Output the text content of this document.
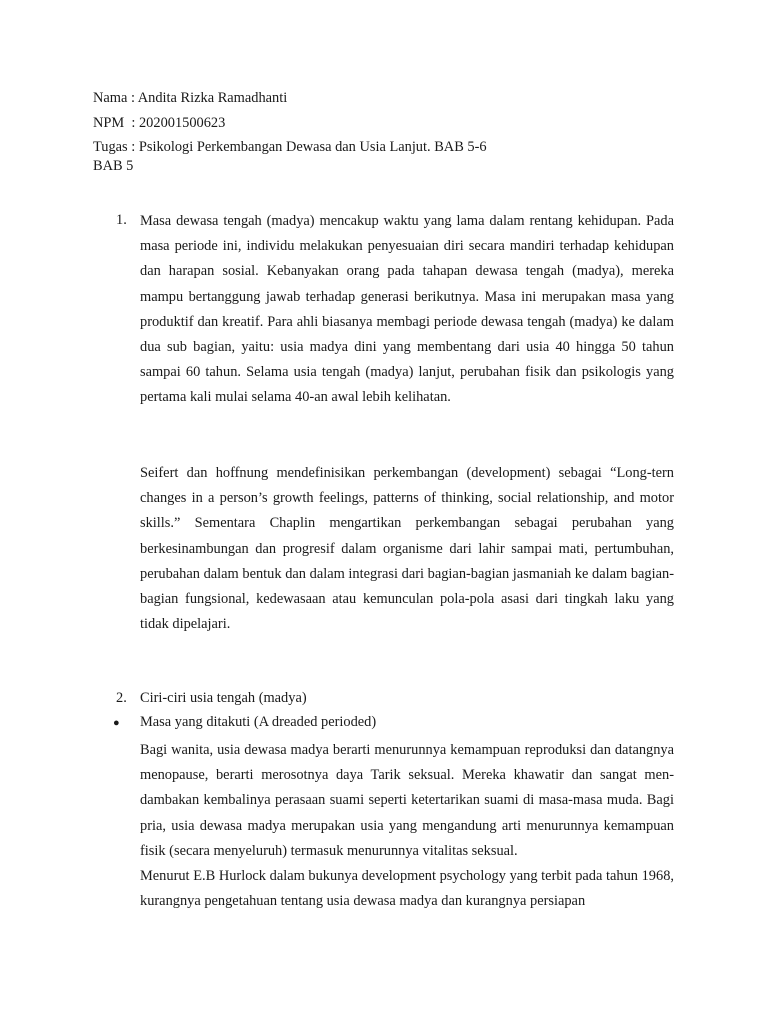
Nama : Andita Rizka Ramadhanti
NPM  : 202001500623
Tugas : Psikologi Perkembangan Dewasa dan Usia Lanjut. BAB 5-6
BAB 5
1. Masa dewasa tengah (madya) mencakup waktu yang lama dalam rentang kehidupan. Pada masa periode ini, individu melakukan penyesuaian diri secara mandiri terhadap kehidupan dan harapan sosial. Kebanyakan orang pada tahapan dewasa tengah (madya), mereka mampu bertanggung jawab terhadap generasi berikutnya. Masa ini merupakan masa yang produktif dan kreatif. Para ahli biasanya membagi periode dewasa tengah (madya) ke dalam dua sub bagian, yaitu: usia madya dini yang membentang dari usia 40 hingga 50 tahun sampai 60 tahun. Selama usia tengah (madya) lanjut, perubahan fisik dan psikologis yang pertama kali mulai selama 40-an awal lebih kelihatan.
Seifert dan hoffnung mendefinisikan perkembangan (development) sebagai “Long-tern changes in a person’s growth feelings, patterns of thinking, social relationship, and motor skills.” Sementara Chaplin mengartikan perkembangan sebagai perubahan yang berkesinambungan dan progresif dalam organisme dari lahir sampai mati, pertumbuhan, perubahan dalam bentuk dan dalam integrasi dari bagian-bagian jasmaniah ke dalam bagian-bagian fungsional, kedewasaan atau kemunculan pola-pola asasi dari tingkah laku yang tidak dipelajari.
2. Ciri-ciri usia tengah (madya)
● Masa yang ditakuti (A dreaded perioded)
Bagi wanita, usia dewasa madya berarti menurunnya kemampuan reproduksi dan datangnya menopause, berarti merosotnya daya Tarik seksual. Mereka khawatir dan sangat men-dambakan kembalinya perasaan suami seperti ketertarikan suami di masa-masa muda. Bagi pria, usia dewasa madya merupakan usia yang mengandung arti menurunnya kemampuan fisik (secara menyeluruh) termasuk menurunnya vitalitas seksual.
Menurut E.B Hurlock dalam bukunya development psychology yang terbit pada tahun 1968, kurangnya pengetahuan tentang usia dewasa madya dan kurangnya persiapan
